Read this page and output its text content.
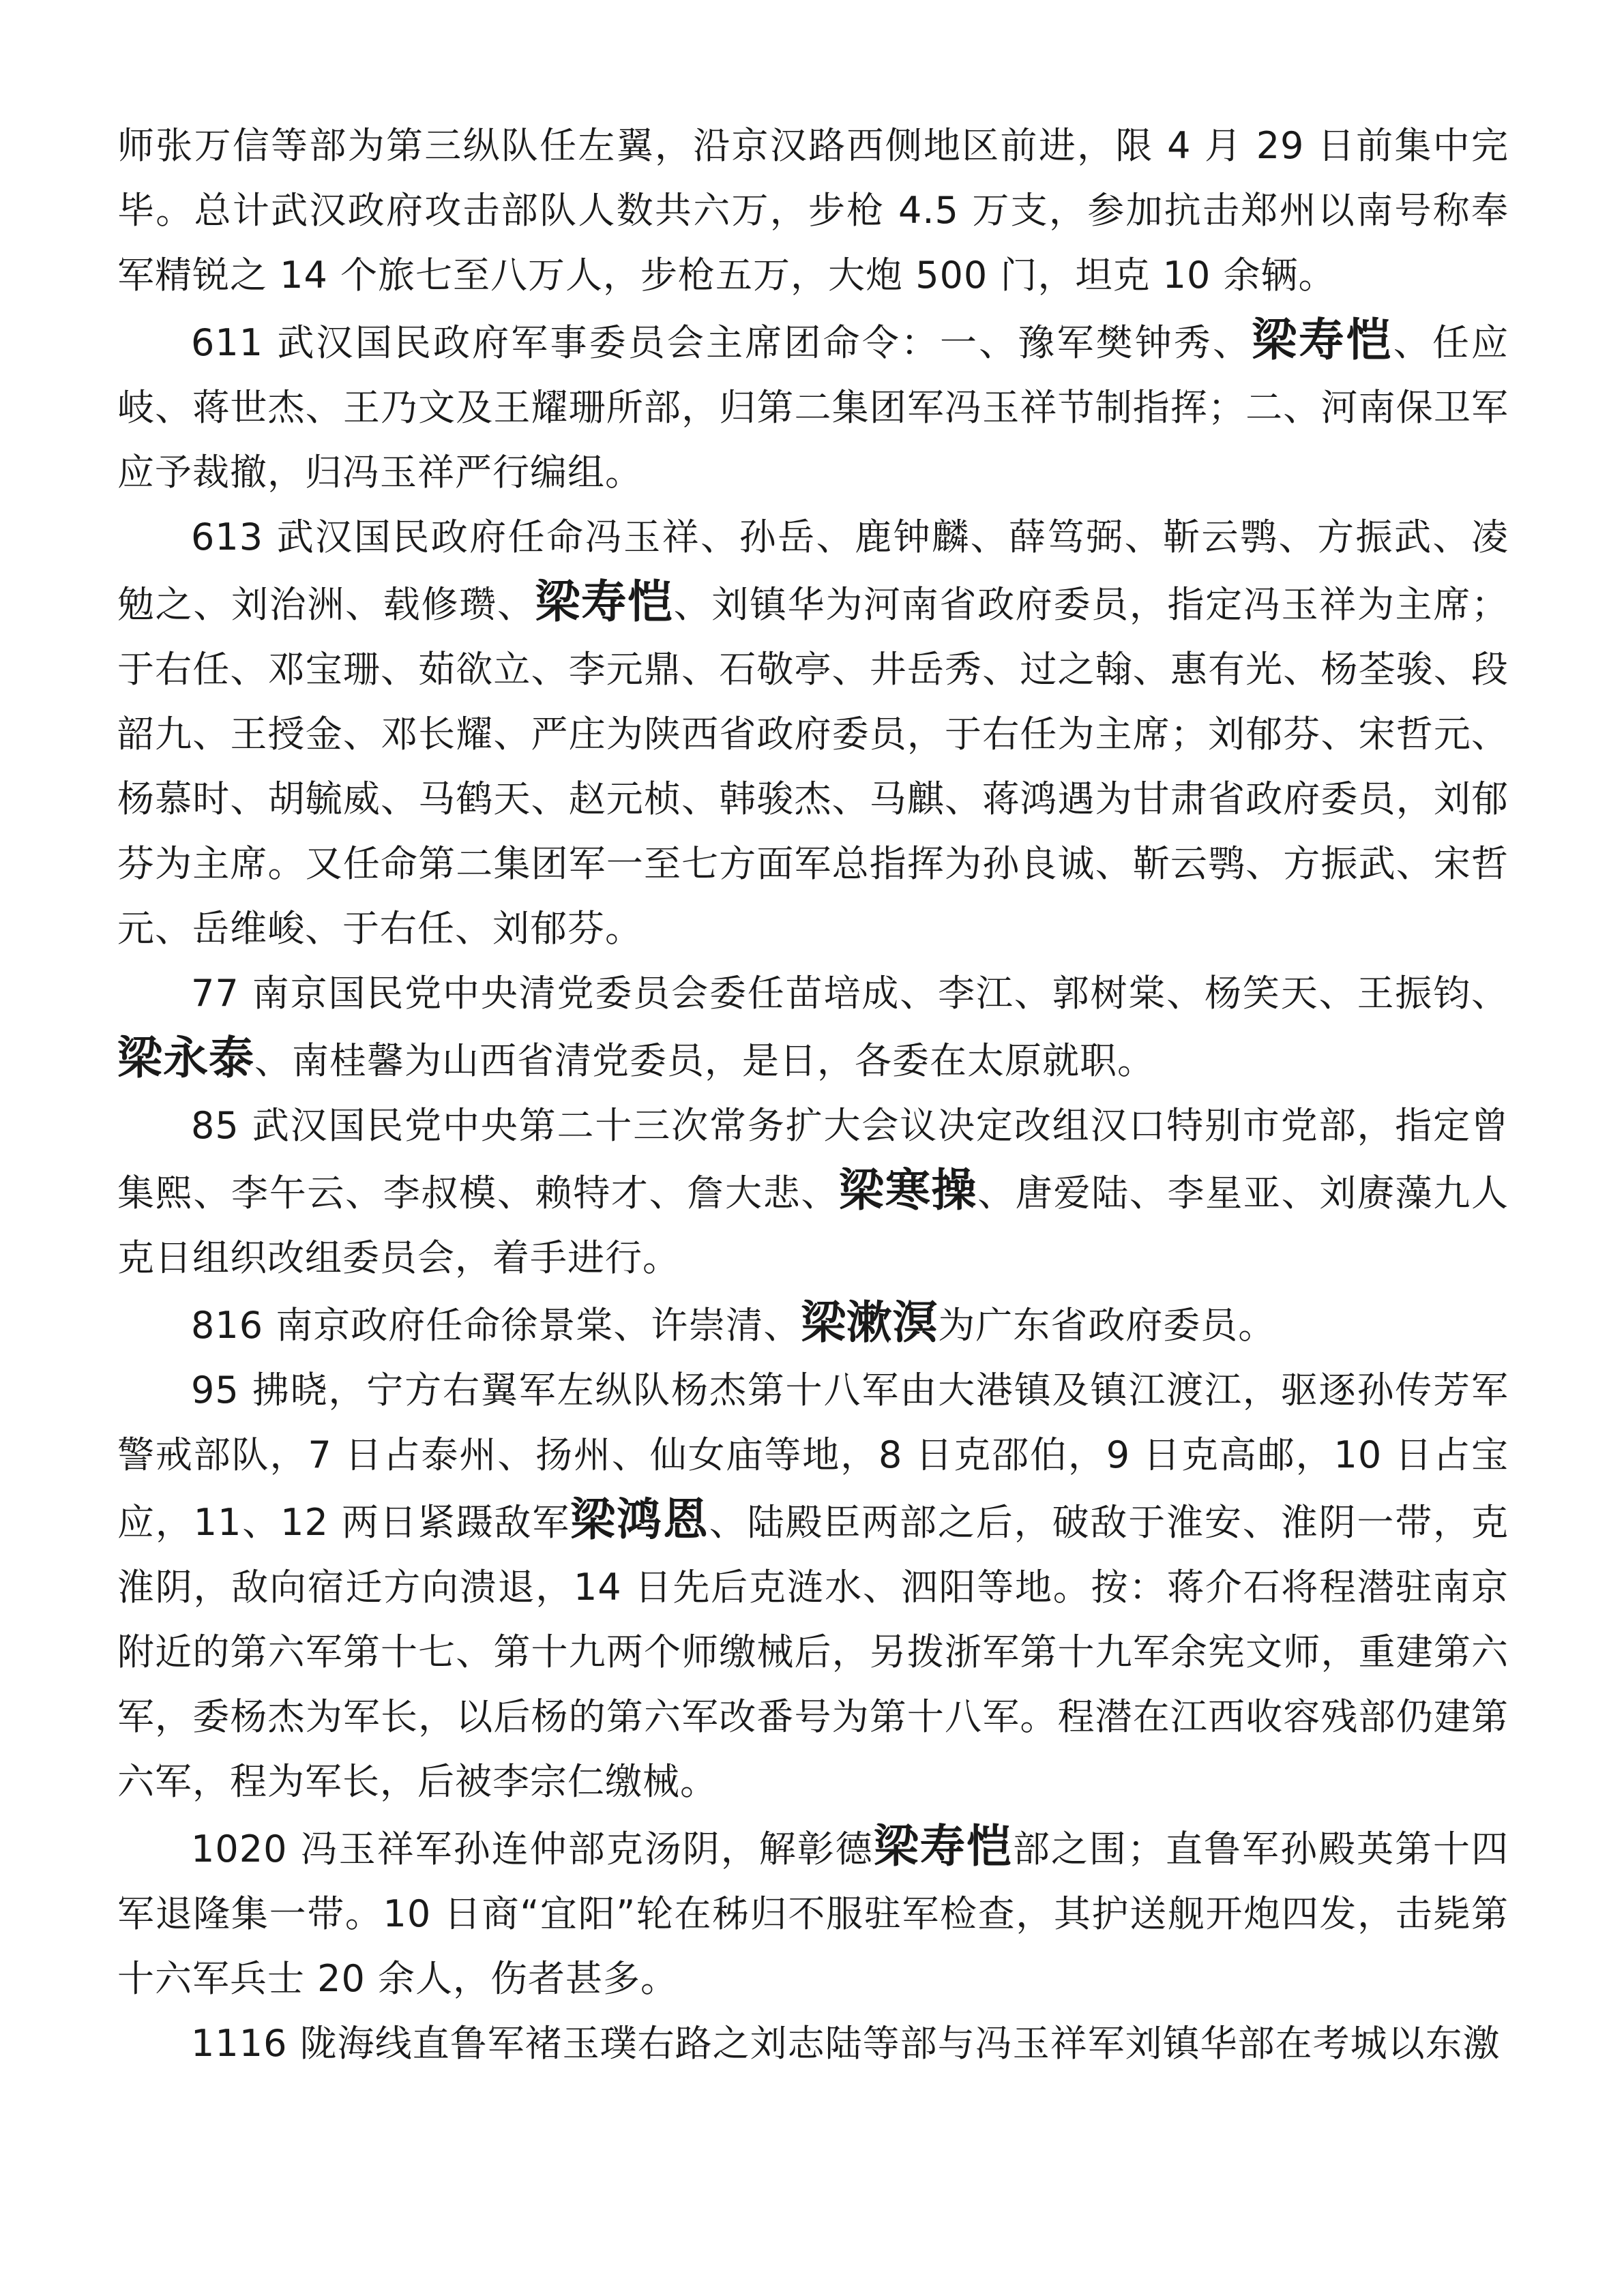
师张万信等部为第三纵队任左翼，沿京汉路西侧地区前进，限 4 月 29 日前集中完毕。总计武汉政府攻击部队人数共六万，步枪 4.5 万支，参加抗击郑州以南号称奉军精锐之 14 个旅七至八万人，步枪五万，大炮 500 门，坦克 10 余辆。

611 武汉国民政府军事委员会主席团命令：一、豫军樊钟秀、梁寿恺、任应岐、蒋世杰、王乃文及王耀珊所部，归第二集团军冯玉祥节制指挥；二、河南保卫军应予裁撤，归冯玉祥严行编组。

613 武汉国民政府任命冯玉祥、孙岳、鹿钟麟、薛笃弼、靳云鹗、方振武、凌勉之、刘治洲、载修瓒、梁寿恺、刘镇华为河南省政府委员，指定冯玉祥为主席；于右任、邓宝珊、茹欲立、李元鼎、石敬亭、井岳秀、过之翰、惠有光、杨荃骏、段韶九、王授金、邓长耀、严庄为陕西省政府委员，于右任为主席；刘郁芬、宋哲元、杨慕时、胡毓威、马鹤天、赵元桢、韩骏杰、马麒、蒋鸿遇为甘肃省政府委员，刘郁芬为主席。又任命第二集团军一至七方面军总指挥为孙良诚、靳云鹗、方振武、宋哲元、岳维峻、于右任、刘郁芬。

77 南京国民党中央清党委员会委任苗培成、李江、郭树棠、杨笑天、王振钧、梁永泰、南桂馨为山西省清党委员，是日，各委在太原就职。

85 武汉国民党中央第二十三次常务扩大会议决定改组汉口特别市党部，指定曾集熙、李午云、李叔模、赖特才、詹大悲、梁寒操、唐爱陆、李星亚、刘赓藻九人克日组织改组委员会，着手进行。

816 南京政府任命徐景棠、许崇清、梁漱溟为广东省政府委员。

95 拂晓，宁方右翼军左纵队杨杰第十八军由大港镇及镇江渡江，驱逐孙传芳军警戒部队，7 日占泰州、扬州、仙女庙等地，8 日克邵伯，9 日克高邮，10 日占宝应，11、12 两日紧蹑敌军梁鸿恩、陆殿臣两部之后，破敌于淮安、淮阴一带，克淮阴，敌向宿迁方向溃退，14 日先后克涟水、泗阳等地。按：蒋介石将程潜驻南京附近的第六军第十七、第十九两个师缴械后，另拨浙军第十九军余宪文师，重建第六军，委杨杰为军长，以后杨的第六军改番号为第十八军。程潜在江西收容残部仍建第六军，程为军长，后被李宗仁缴械。

1020 冯玉祥军孙连仲部克汤阴，解彰德梁寿恺部之围；直鲁军孙殿英第十四军退隆集一带。10 日商“宜阳”轮在秭归不服驻军检查，其护送舰开炮四发，击毙第十六军兵士 20 余人，伤者甚多。

1116 陇海线直鲁军褚玉璞右路之刘志陆等部与冯玉祥军刘镇华部在考城以东激
